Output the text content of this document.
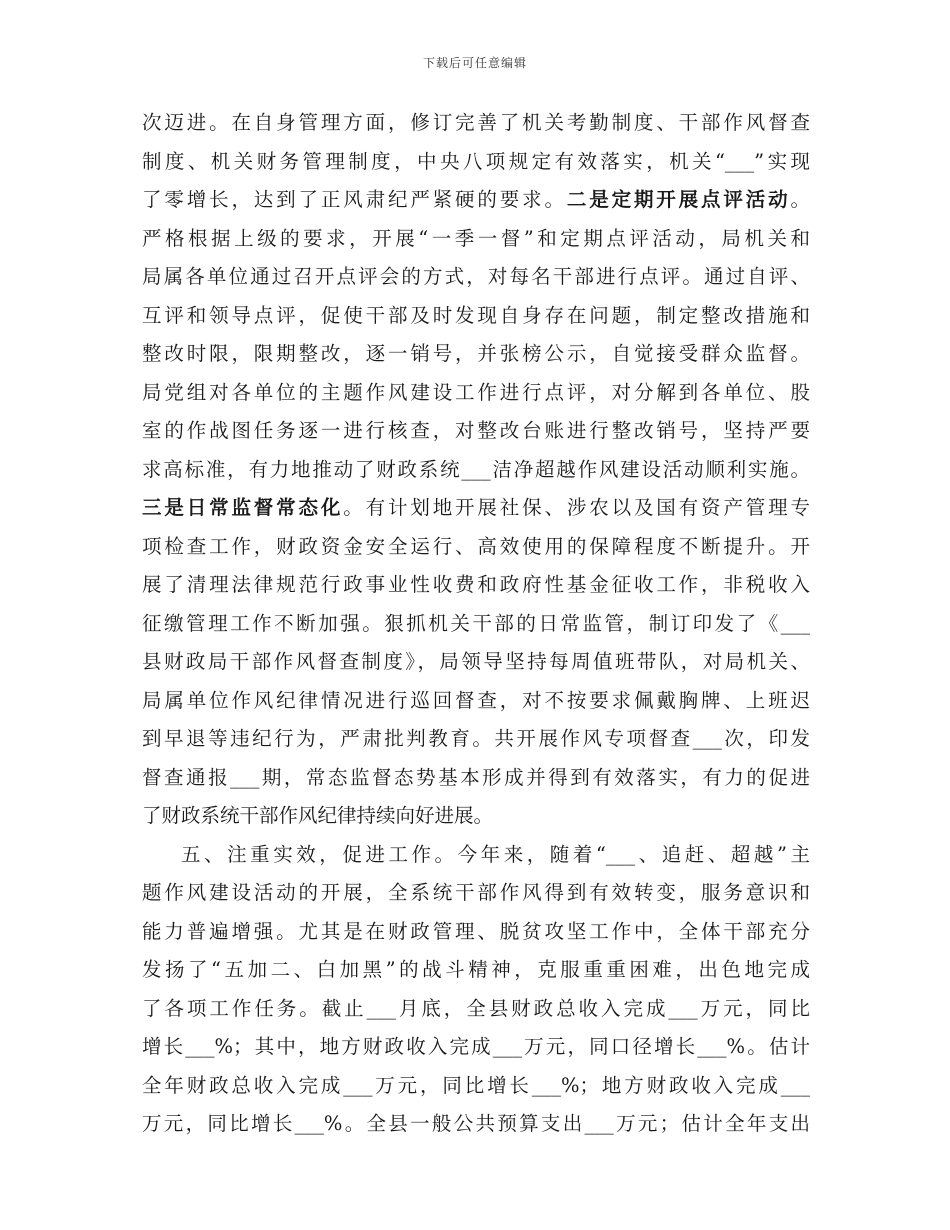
下载后可任意编辑
次迈进。在自身管理方面，修订完善了机关考勤制度、干部作风督查
制度、机关财务管理制度，中央八项规定有效落实，机关“___”实现
了零增长，达到了正风肃纪严紧硬的要求。二是定期开展点评活动。
严格根据上级的要求，开展“一季一督”和定期点评活动，局机关和
局属各单位通过召开点评会的方式，对每名干部进行点评。通过自评、
互评和领导点评，促使干部及时发现自身存在问题，制定整改措施和
整改时限，限期整改，逐一销号，并张榜公示，自觉接受群众监督。
局党组对各单位的主题作风建设工作进行点评，对分解到各单位、股
室的作战图任务逐一进行核查，对整改台账进行整改销号，坚持严要
求高标准，有力地推动了财政系统___洁净超越作风建设活动顺利实施。
三是日常监督常态化。有计划地开展社保、涉农以及国有资产管理专
项检查工作，财政资金安全运行、高效使用的保障程度不断提升。开
展了清理法律规范行政事业性收费和政府性基金征收工作，非税收入
征缴管理工作不断加强。狠抓机关干部的日常监管，制订印发了《___
县财政局干部作风督查制度》，局领导坚持每周值班带队，对局机关、
局属单位作风纪律情况进行巡回督查，对不按要求佩戴胸牌、上班迟
到早退等违纪行为，严肃批判教育。共开展作风专项督查___次，印发
督查通报___期，常态监督态势基本形成并得到有效落实，有力的促进
了财政系统干部作风纪律持续向好进展。
五、注重实效，促进工作。今年来，随着“___、追赶、超越”主
题作风建设活动的开展，全系统干部作风得到有效转变，服务意识和
能力普遍增强。尤其是在财政管理、脱贫攻坚工作中，全体干部充分
发扬了“五加二、白加黑”的战斗精神，克服重重困难，出色地完成
了各项工作任务。截止___月底，全县财政总收入完成___万元，同比
增长___%；其中，地方财政收入完成___万元，同口径增长___%。估计
全年财政总收入完成___万元，同比增长___%；地方财政收入完成___
万元，同比增长___%。全县一般公共预算支出___万元；估计全年支出
